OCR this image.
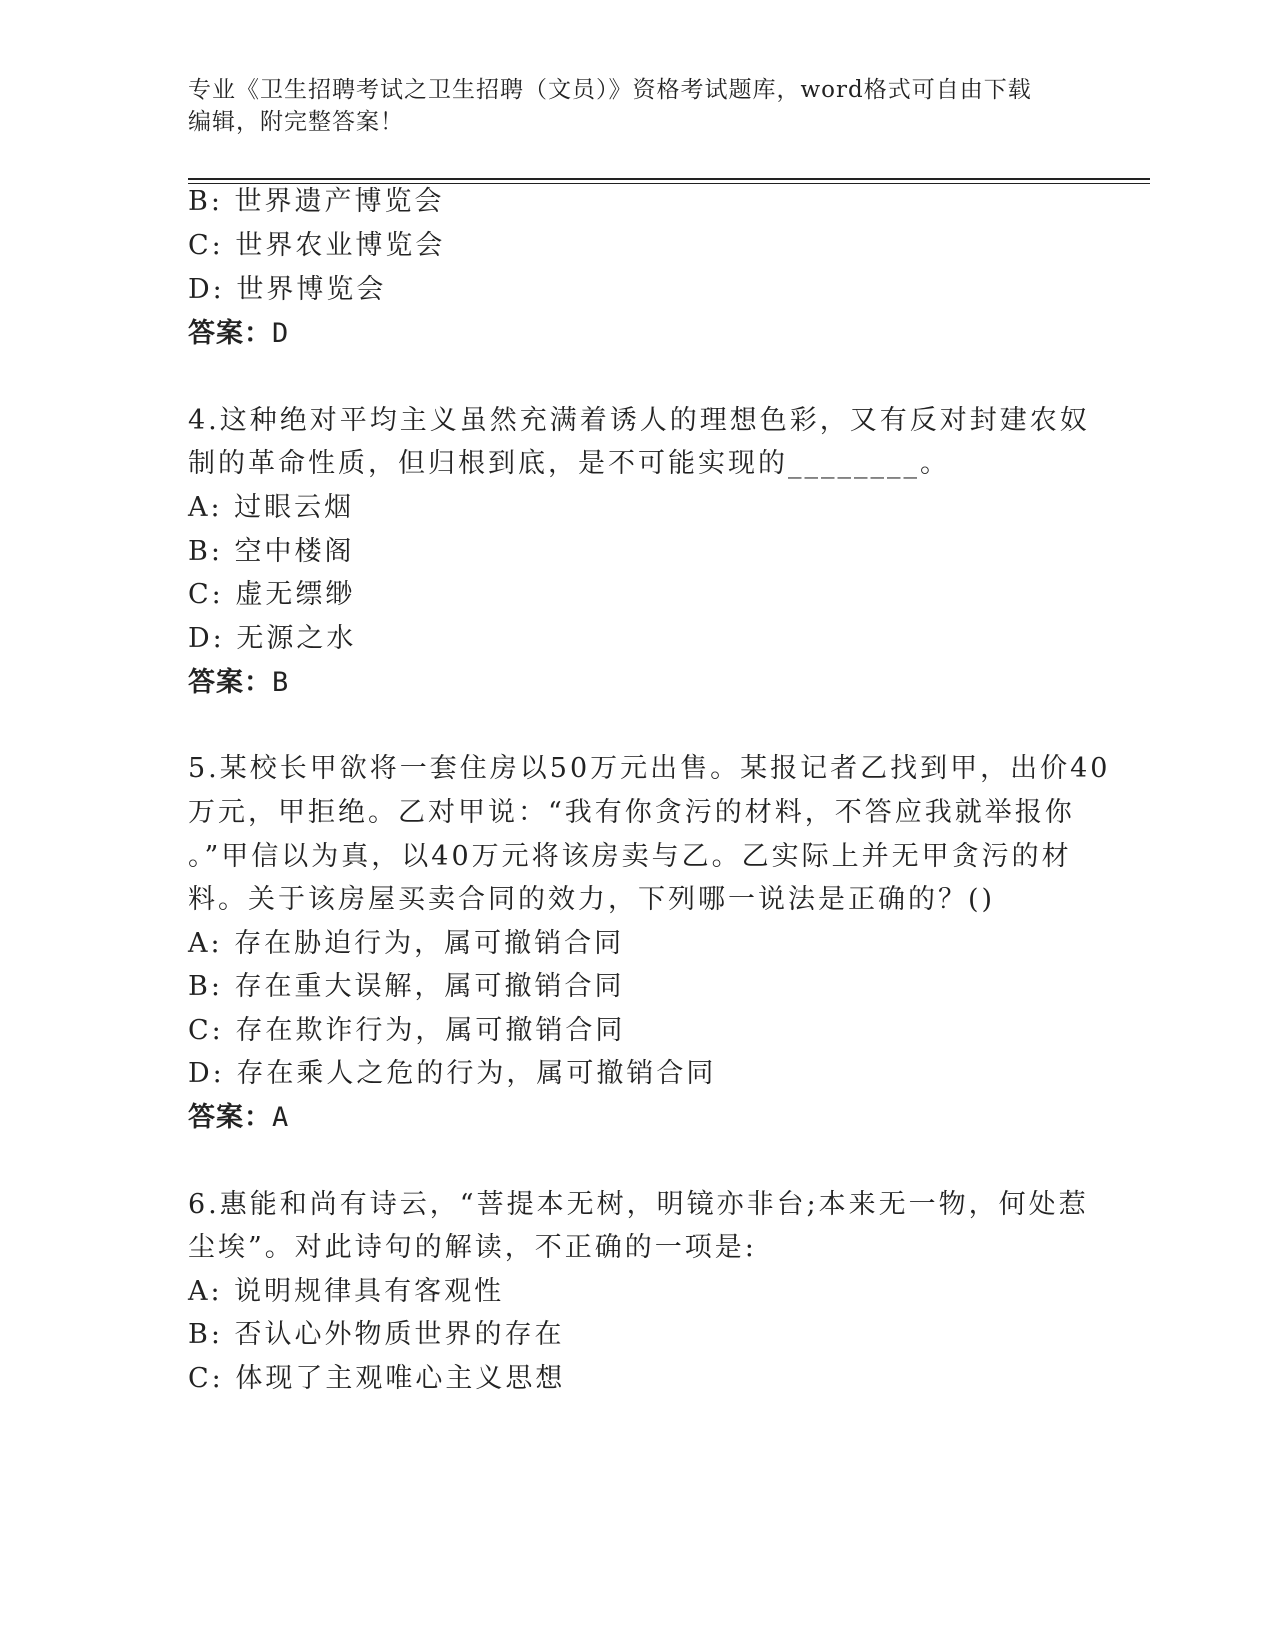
专业《卫生招聘考试之卫生招聘（文员）》资格考试题库，word格式可自由下载
编辑，附完整答案！
B: 世界遗产博览会
C: 世界农业博览会
D: 世界博览会
答案：D
4.这种绝对平均主义虽然充满着诱人的理想色彩，又有反对封建农奴
制的革命性质，但归根到底，是不可能实现的________。
A: 过眼云烟
B: 空中楼阁
C: 虚无缥缈
D: 无源之水
答案：B
5.某校长甲欲将一套住房以50万元出售。某报记者乙找到甲，出价40
万元，甲拒绝。乙对甲说：“我有你贪污的材料，不答应我就举报你
。”甲信以为真，以40万元将该房卖与乙。乙实际上并无甲贪污的材
料。关于该房屋买卖合同的效力，下列哪一说法是正确的？()
A: 存在胁迫行为，属可撤销合同
B: 存在重大误解，属可撤销合同
C: 存在欺诈行为，属可撤销合同
D: 存在乘人之危的行为，属可撤销合同
答案：A
6.惠能和尚有诗云，“菩提本无树，明镜亦非台;本来无一物，何处惹
尘埃”。对此诗句的解读，不正确的一项是:
A: 说明规律具有客观性
B: 否认心外物质世界的存在
C: 体现了主观唯心主义思想
